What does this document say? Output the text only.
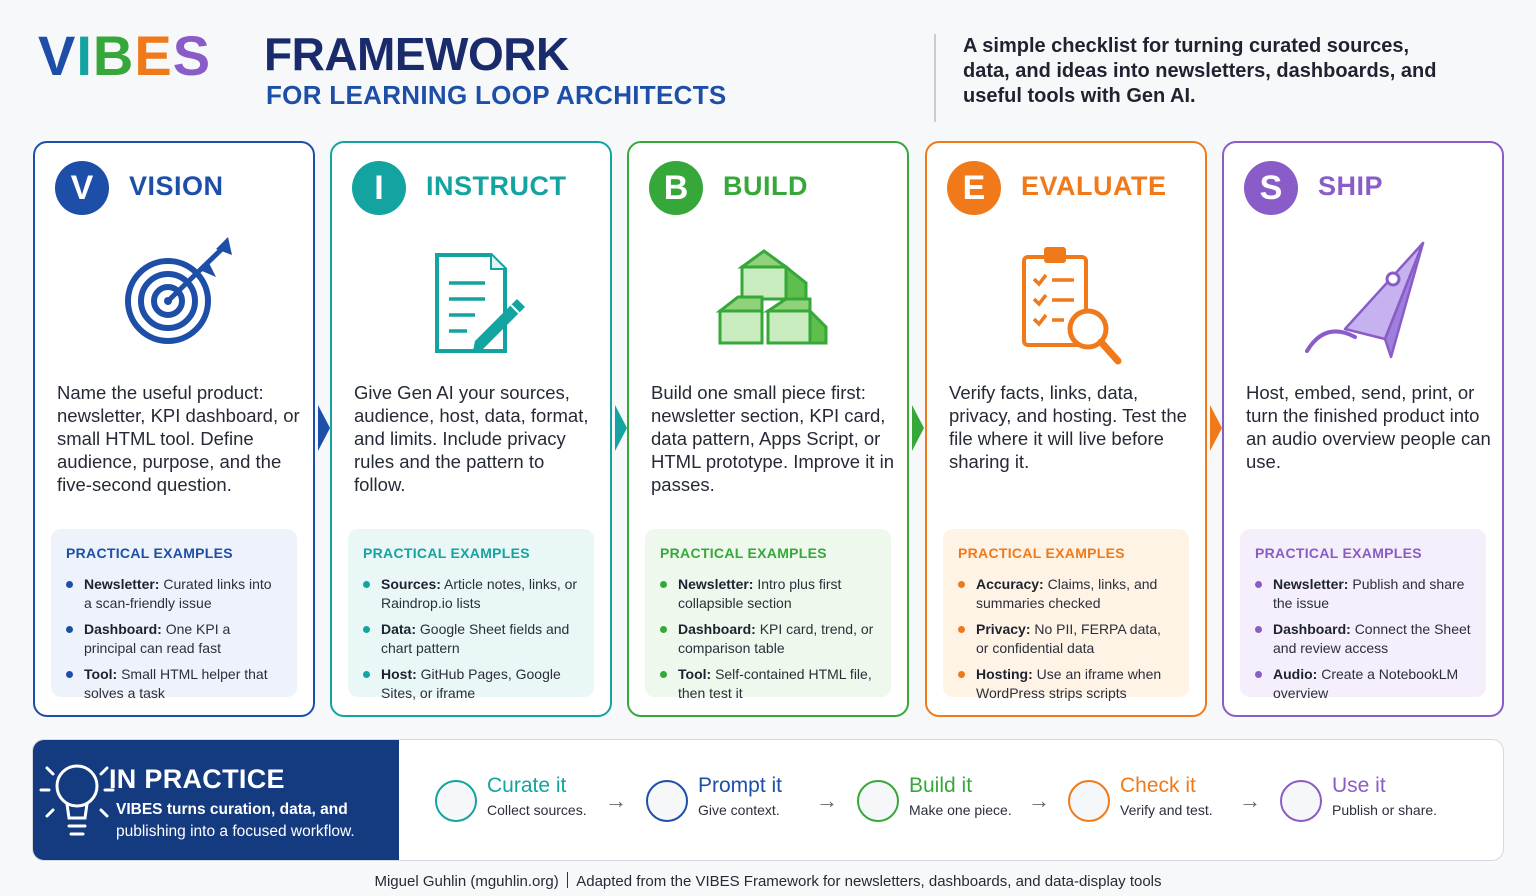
V I B E S FRAMEWORK
FOR LEARNING LOOP ARCHITECTS
A simple checklist for turning curated sources, data, and ideas into newsletters, dashboards, and useful tools with Gen AI.
V	VISION
Name the useful product: newsletter, KPI dashboard, or small HTML tool. Define audience, purpose, and the five-second question.
PRACTICAL EXAMPLES
Newsletter: Curated links into a scan-friendly issue
Dashboard: One KPI a principal can read fast
Tool: Small HTML helper that solves a task
I	INSTRUCT
Give Gen AI your sources, audience, host, data, format, and limits. Include privacy rules and the pattern to follow.
PRACTICAL EXAMPLES
Sources: Article notes, links, or Raindrop.io lists
Data: Google Sheet fields and chart pattern
Host: GitHub Pages, Google Sites, or iframe
B	BUILD
Build one small piece first: newsletter section, KPI card, data pattern, Apps Script, or HTML prototype. Improve it in passes.
PRACTICAL EXAMPLES
Newsletter: Intro plus first collapsible section
Dashboard: KPI card, trend, or comparison table
Tool: Self-contained HTML file, then test it
E	EVALUATE
Verify facts, links, data, privacy, and hosting. Test the file where it will live before sharing it.
PRACTICAL EXAMPLES
Accuracy: Claims, links, and summaries checked
Privacy: No PII, FERPA data, or confidential data
Hosting: Use an iframe when WordPress strips scripts
S	SHIP
Host, embed, send, print, or turn the finished product into an audio overview people can use.
PRACTICAL EXAMPLES
Newsletter: Publish and share the issue
Dashboard: Connect the Sheet and review access
Audio: Create a NotebookLM overview
IN PRACTICE
VIBES turns curation, data, and
publishing into a focused workflow.
Curate it
Collect sources. →
Prompt it
Give context. →
Build it
Make one piece. →
Check it
Verify and test. →
Use it
Publish or share.
Miguel Guhlin (mguhlin.org) Adapted from the VIBES Framework for newsletters, dashboards, and data-display tools
